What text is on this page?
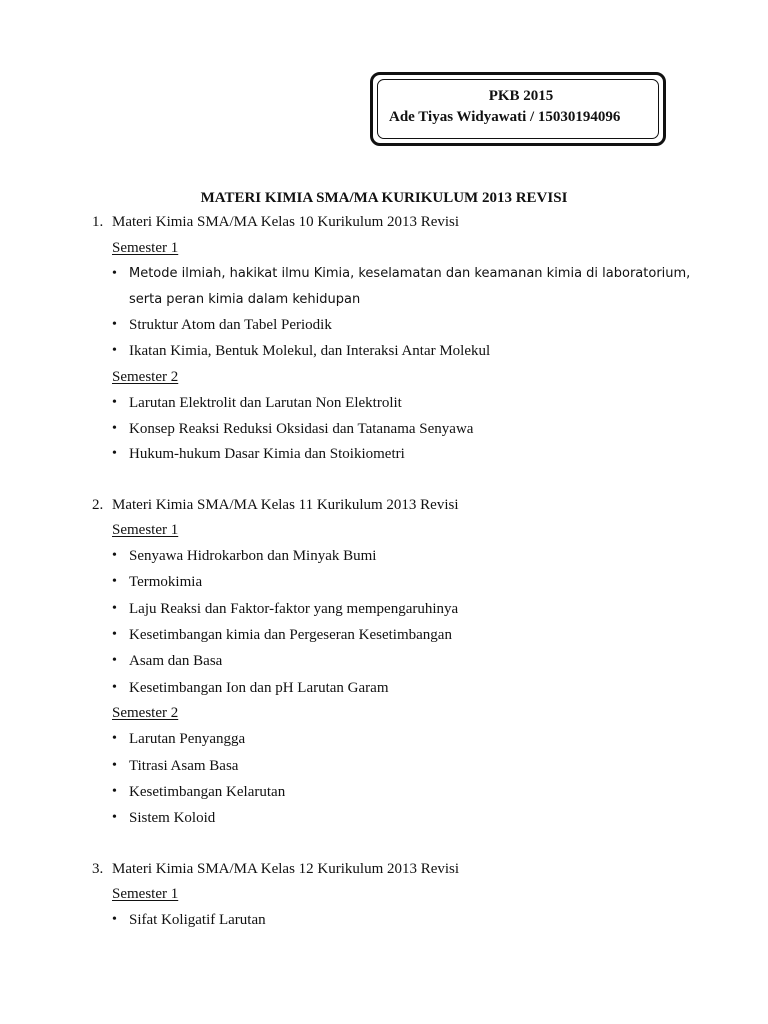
PKB 2015
Ade Tiyas Widyawati / 15030194096
MATERI KIMIA SMA/MA KURIKULUM 2013 REVISI
1. Materi Kimia SMA/MA Kelas 10 Kurikulum 2013 Revisi
Semester 1
• Metode ilmiah, hakikat ilmu Kimia, keselamatan dan keamanan kimia di laboratorium,
serta peran kimia dalam kehidupan
• Struktur Atom dan Tabel Periodik
• Ikatan Kimia, Bentuk Molekul, dan Interaksi Antar Molekul
Semester 2
• Larutan Elektrolit dan Larutan Non Elektrolit
• Konsep Reaksi Reduksi Oksidasi dan Tatanama Senyawa
• Hukum-hukum Dasar Kimia dan Stoikiometri
2. Materi Kimia SMA/MA Kelas 11 Kurikulum 2013 Revisi
Semester 1
• Senyawa Hidrokarbon dan Minyak Bumi
• Termokimia
• Laju Reaksi dan Faktor-faktor yang mempengaruhinya
• Kesetimbangan kimia dan Pergeseran Kesetimbangan
• Asam dan Basa
• Kesetimbangan Ion dan pH Larutan Garam
Semester 2
• Larutan Penyangga
• Titrasi Asam Basa
• Kesetimbangan Kelarutan
• Sistem Koloid
3. Materi Kimia SMA/MA Kelas 12 Kurikulum 2013 Revisi
Semester 1
• Sifat Koligatif Larutan
